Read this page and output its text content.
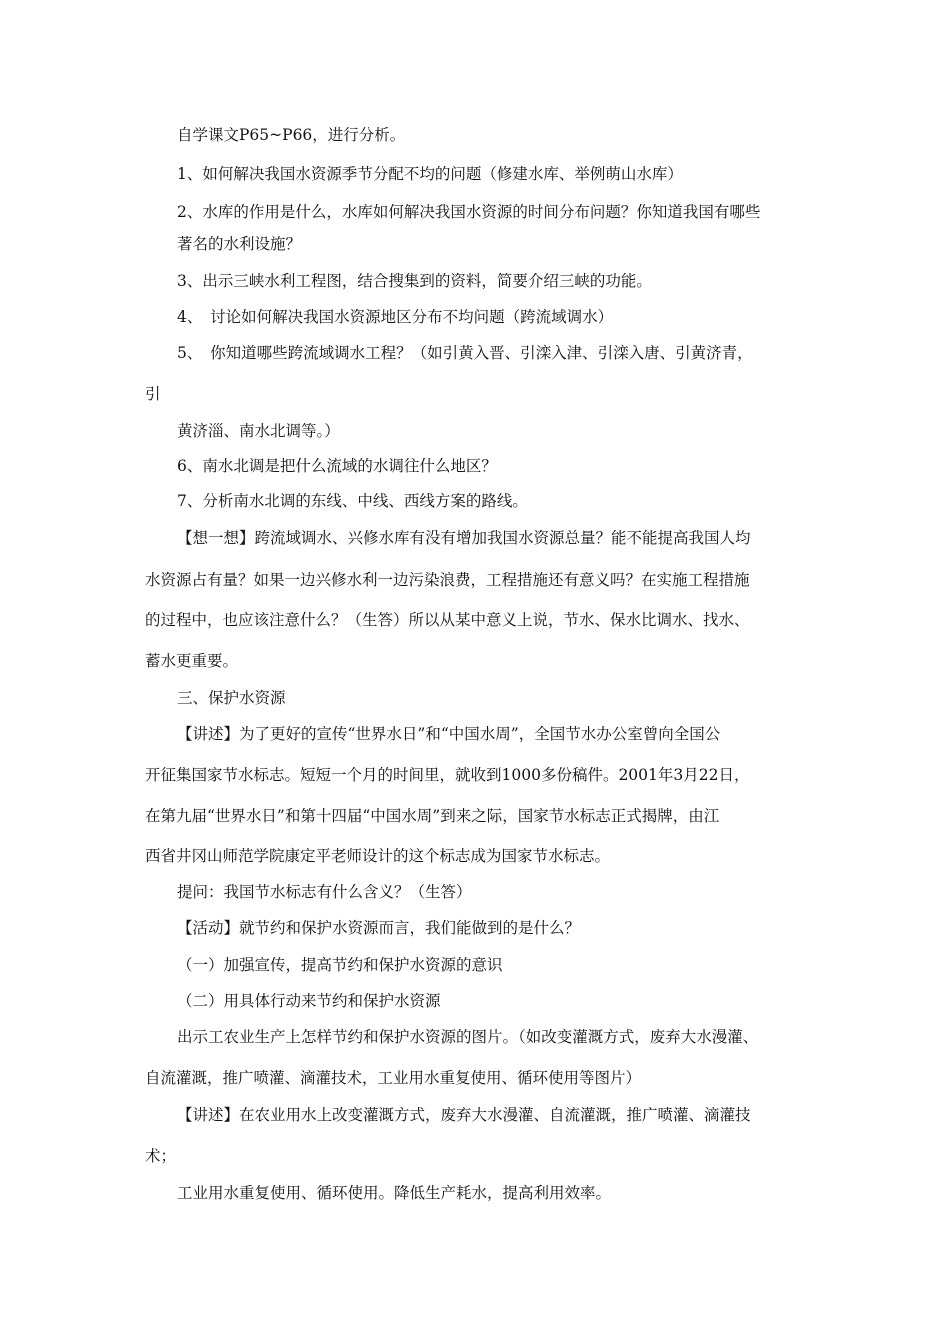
自学课文P65~P66，进行分析。
1、如何解决我国水资源季节分配不均的问题（修建水库、举例萌山水库）
2、水库的作用是什么，水库如何解决我国水资源的时间分布问题？你知道我国有哪些
著名的水利设施？
3、出示三峡水利工程图，结合搜集到的资料，简要介绍三峡的功能。
4、　讨论如何解决我国水资源地区分布不均问题（跨流域调水）
5、　你知道哪些跨流域调水工程？（如引黄入晋、引滦入津、引滦入唐、引黄济青，
引
黄济淄、南水北调等。）
6、南水北调是把什么流域的水调往什么地区？
7、分析南水北调的东线、中线、西线方案的路线。
【想一想】跨流域调水、兴修水库有没有增加我国水资源总量？能不能提高我国人均
水资源占有量？如果一边兴修水利一边污染浪费，工程措施还有意义吗？在实施工程措施
的过程中，也应该注意什么？（生答）所以从某中意义上说，节水、保水比调水、找水、
蓄水更重要。
三、保护水资源
【讲述】为了更好的宣传“世界水日”和“中国水周”，全国节水办公室曾向全国公
开征集国家节水标志。短短一个月的时间里，就收到1000多份稿件。2001年3月22日，
在第九届“世界水日”和第十四届“中国水周”到来之际，国家节水标志正式揭牌，由江
西省井冈山师范学院康定平老师设计的这个标志成为国家节水标志。
提问：我国节水标志有什么含义？（生答）
【活动】就节约和保护水资源而言，我们能做到的是什么？
（一）加强宣传，提高节约和保护水资源的意识
（二）用具体行动来节约和保护水资源
出示工农业生产上怎样节约和保护水资源的图片。（如改变灌溉方式，废弃大水漫灌、
自流灌溉，推广喷灌、滴灌技术，工业用水重复使用、循环使用等图片）
【讲述】在农业用水上改变灌溉方式，废弃大水漫灌、自流灌溉，推广喷灌、滴灌技
术；
工业用水重复使用、循环使用。降低生产耗水，提高利用效率。
